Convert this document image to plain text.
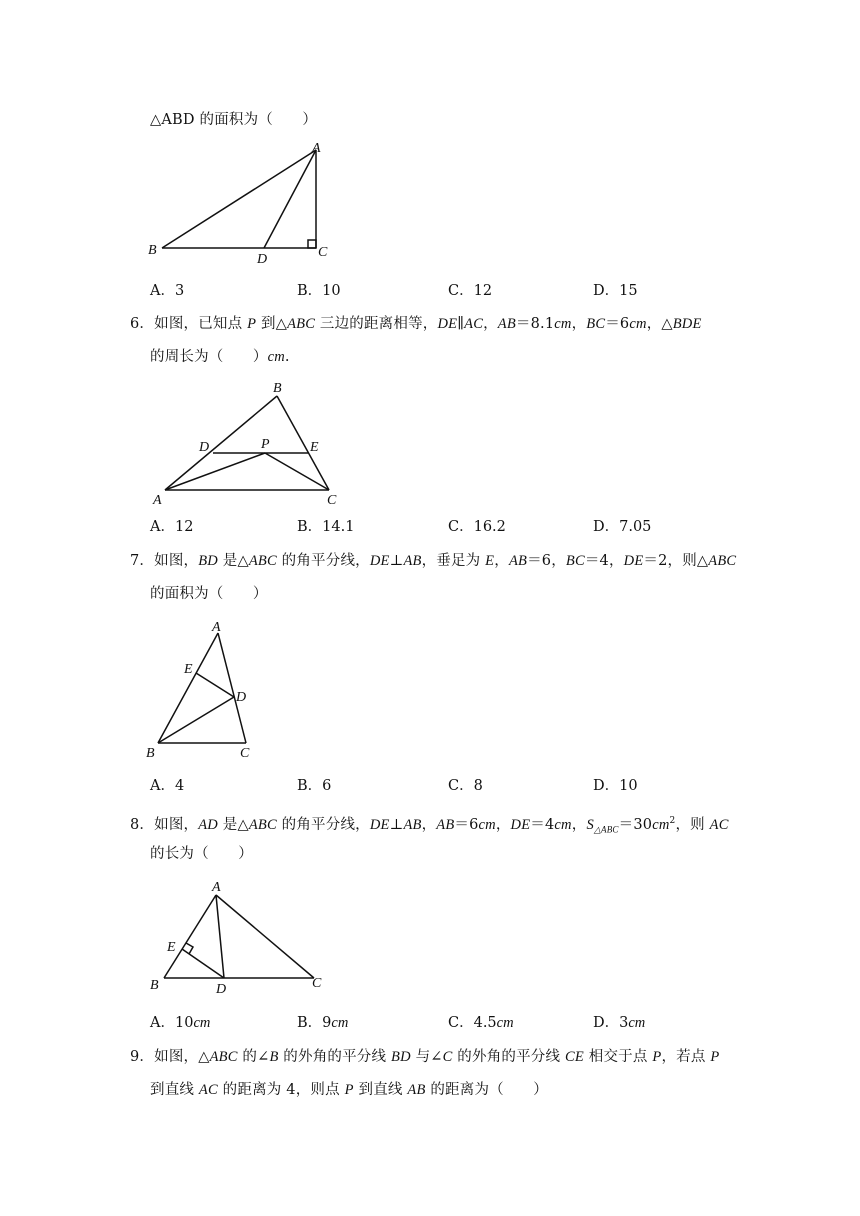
△ABD 的面积为（　　）
A
B	C
D
A．3	B．10	C．12	D．15
6．如图，已知点 P 到△ABC 三边的距离相等，DE∥AC，AB＝8.1cm，BC＝6cm，△BDE
的周长为（　　）cm.
B
D	P	E
A	C
A．12	B．14.1	C．16.2	D．7.05
7．如图，BD 是△ABC 的角平分线，DE⊥AB，垂足为 E，AB＝6，BC＝4，DE＝2，则△ABC
的面积为（　　）
A
E
D
B	C
A．4	B．6	C．8	D．10
8．如图，AD 是△ABC 的角平分线，DE⊥AB，AB＝6cm，DE＝4cm，$S_{\triangle ABC}=30cm^2$，则 AC
的长为（　　）
A
E
B	D	C
A．10cm	B．9cm	C．4.5cm	D．3cm
9．如图，△ABC 的∠B 的外角的平分线 BD 与∠C 的外角的平分线 CE 相交于点 P，若点 P
到直线 AC 的距离为 4，则点 P 到直线 AB 的距离为（　　）
